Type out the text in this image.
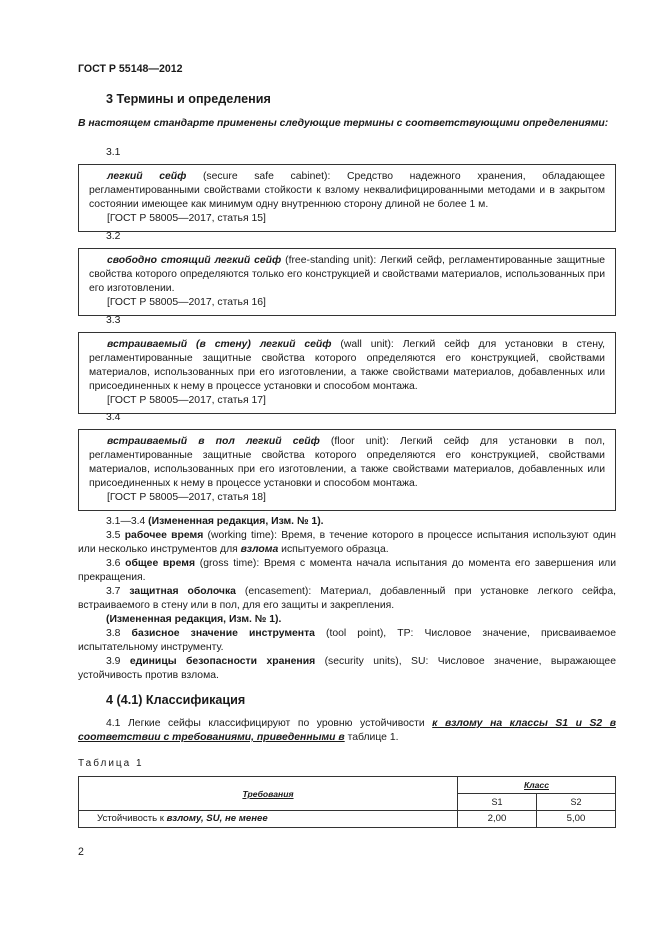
ГОСТ Р 55148—2012
3 Термины и определения
В настоящем стандарте применены следующие термины с соответствующими определениями:
3.1

легкий сейф (secure safe cabinet): Средство надежного хранения, обладающее регламентированными свойствами стойкости к взлому неквалифицированными методами и в закрытом состоянии имеющее как минимум одну внутреннюю сторону длиной не более 1 м.

[ГОСТ Р 58005—2017, статья 15]

3.2

свободно стоящий легкий сейф (free-standing unit): Легкий сейф, регламентированные защитные свойства которого определяются только его конструкцией и свойствами материалов, использованных при его изготовлении.

[ГОСТ Р 58005—2017, статья 16]

3.3

встраиваемый (в стену) легкий сейф (wall unit): Легкий сейф для установки в стену, регламентированные защитные свойства которого определяются его конструкцией, свойствами материалов, использованных при его изготовлении, а также свойствами материалов, добавленных или присоединенных к нему в процессе установки и способом монтажа.

[ГОСТ Р 58005—2017, статья 17]

3.4

встраиваемый в пол легкий сейф (floor unit): Легкий сейф для установки в пол, регламентированные защитные свойства которого определяются его конструкцией, свойствами материалов, использованных при его изготовлении, а также свойствами материалов, добавленных или присоединенных к нему в процессе установки и способом монтажа.

[ГОСТ Р 58005—2017, статья 18]

3.1—3.4 (Измененная редакция, Изм. № 1).

3.5 рабочее время (working time): Время, в течение которого в процессе испытания используют один или несколько инструментов для взлома испытуемого образца.

3.6 общее время (gross time): Время с момента начала испытания до момента его завершения или прекращения.

3.7 защитная оболочка (encasement): Материал, добавленный при установке легкого сейфа, встраиваемого в стену или в пол, для его защиты и закрепления.

(Измененная редакция, Изм. № 1).

3.8 базисное значение инструмента (tool point), TP: Числовое значение, присваиваемое испытательному инструменту.

3.9 единицы безопасности хранения (security units), SU: Числовое значение, выражающее устойчивость против взлома.

4 (4.1) Классификация

4.1 Легкие сейфы классифицируют по уровню устойчивости к взлому на классы S1 и S2 в соответствии с требованиями, приведенными в таблице 1.

Таблица 1
Требования	Класс	
	S1	S2
Устойчивость к взлому, SU, не менее	2,00	5,00
2
